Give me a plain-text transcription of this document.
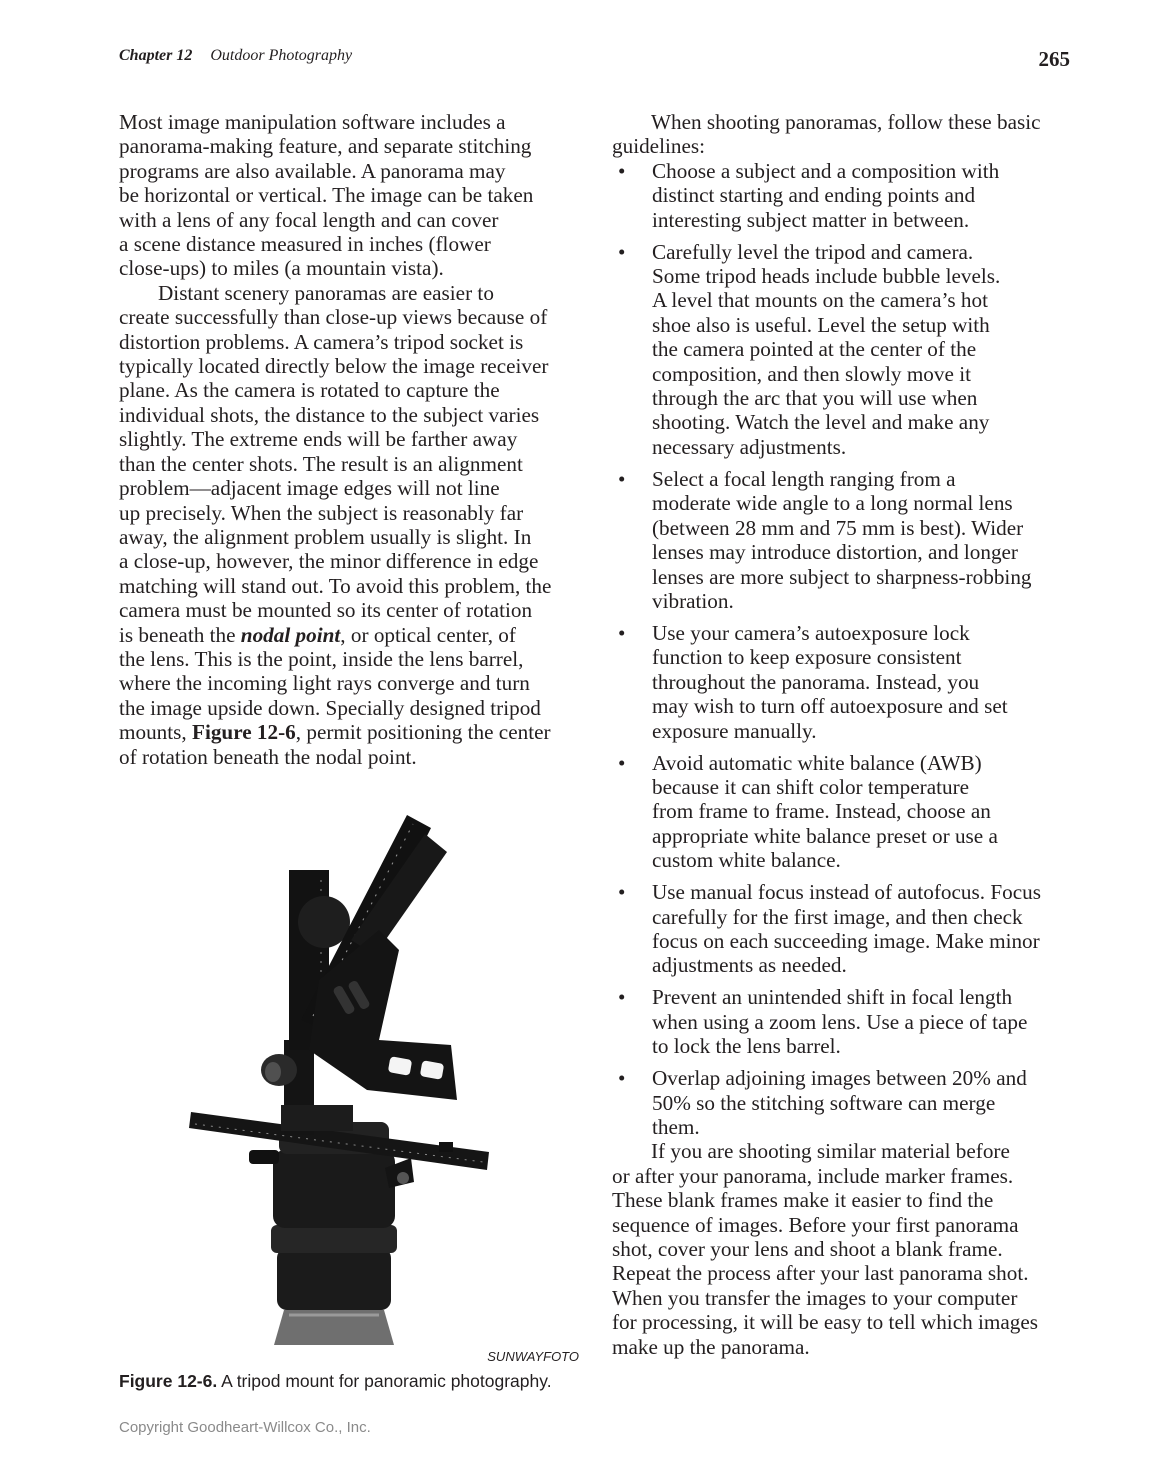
Chapter 12 Outdoor Photography	265

Most image manipulation software includes a
panorama-making feature, and separate stitching
programs are also available. A panorama may
be horizontal or vertical. The image can be taken
with a lens of any focal length and can cover
a scene distance measured in inches (flower
close-ups) to miles (a mountain vista).

Distant scenery panoramas are easier to
create successfully than close-up views because of
distortion problems. A camera’s tripod socket is
typically located directly below the image receiver
plane. As the camera is rotated to capture the
individual shots, the distance to the subject varies
slightly. The extreme ends will be farther away
than the center shots. The result is an alignment
problem—adjacent image edges will not line
up precisely. When the subject is reasonably far
away, the alignment problem usually is slight. In
a close-up, however, the minor difference in edge
matching will stand out. To avoid this problem, the
camera must be mounted so its center of rotation
is beneath the nodal point, or optical center, of
the lens. This is the point, inside the lens barrel,
where the incoming light rays converge and turn
the image upside down. Specially designed tripod
mounts, Figure 12-6, permit positioning the center
of rotation beneath the nodal point.

SUNWAYFOTO
Figure 12-6. A tripod mount for panoramic photography.

When shooting panoramas, follow these basic
guidelines:

• Choose a subject and a composition with
distinct starting and ending points and
interesting subject matter in between.
• Carefully level the tripod and camera.
Some tripod heads include bubble levels.
A level that mounts on the camera’s hot
shoe also is useful. Level the setup with
the camera pointed at the center of the
composition, and then slowly move it
through the arc that you will use when
shooting. Watch the level and make any
necessary adjustments.
• Select a focal length ranging from a
moderate wide angle to a long normal lens
(between 28 mm and 75 mm is best). Wider
lenses may introduce distortion, and longer
lenses are more subject to sharpness-robbing
vibration.
• Use your camera’s autoexposure lock
function to keep exposure consistent
throughout the panorama. Instead, you
may wish to turn off autoexposure and set
exposure manually.
• Avoid automatic white balance (AWB)
because it can shift color temperature
from frame to frame. Instead, choose an
appropriate white balance preset or use a
custom white balance.
• Use manual focus instead of autofocus. Focus
carefully for the first image, and then check
focus on each succeeding image. Make minor
adjustments as needed.
• Prevent an unintended shift in focal length
when using a zoom lens. Use a piece of tape
to lock the lens barrel.
• Overlap adjoining images between 20% and
50% so the stitching software can merge
them.

If you are shooting similar material before
or after your panorama, include marker frames.
These blank frames make it easier to find the
sequence of images. Before your first panorama
shot, cover your lens and shoot a blank frame.
Repeat the process after your last panorama shot.
When you transfer the images to your computer
for processing, it will be easy to tell which images
make up the panorama.

Copyright Goodheart-Willcox Co., Inc.
